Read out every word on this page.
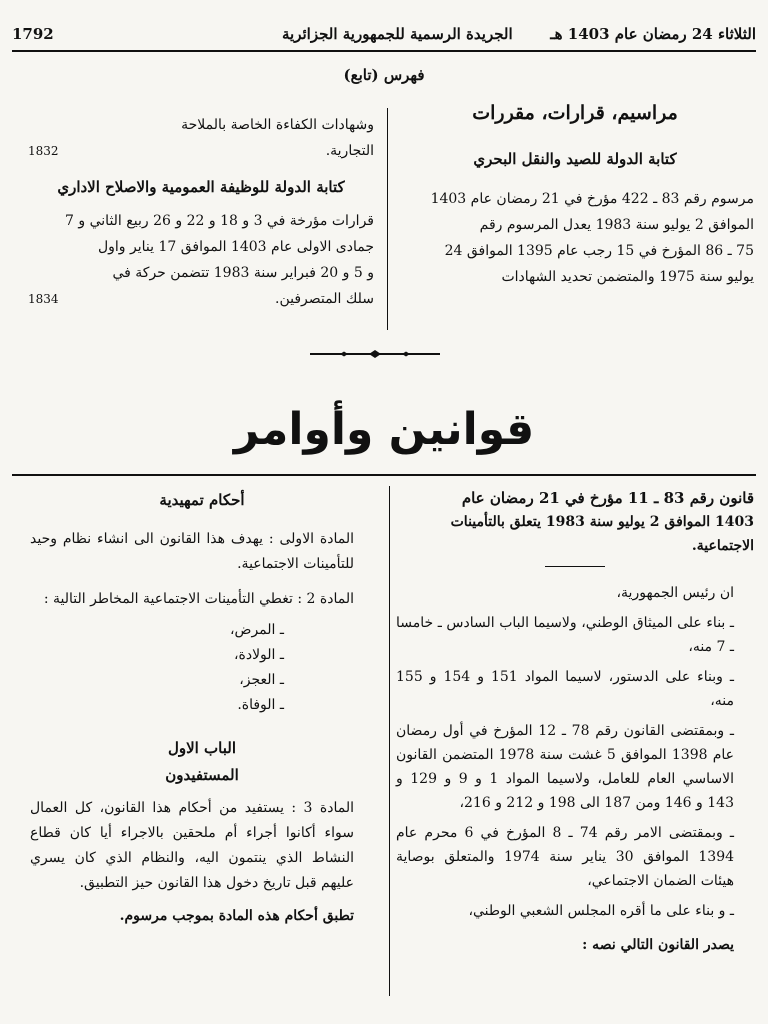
1792	الجريدة الرسمية للجمهورية الجزائرية	الثلاثاء 24 رمضان عام 1403 هـ
فهرس (تابع)
مراسيم، قرارات، مقررات
كتابة الدولة للصيد والنقل البحري

مرسوم رقم 83 ـ 422 مؤرخ في 21 رمضان عام 1403

الموافق 2 يوليو سنة 1983 يعدل المرسوم رقم

75 ـ 86 المؤرخ في 15 رجب عام 1395 الموافق 24

يوليو سنة 1975 والمتضمن تحديد الشهادات

وشهادات الكفاءة الخاصة بالملاحة

التجارية.

1832
كتابة الدولة للوظيفة العمومية والاصلاح الاداري

قرارات مؤرخة في 3 و 18 و 22 و 26 ربيع الثاني و 7

جمادى الاولى عام 1403 الموافق 17 يناير واول

و 5 و 20 فبراير سنة 1983 تتضمن حركة في

سلك المتصرفين.

1834
قوانين وأوامر

قانون رقم 83 ـ 11 مؤرخ في 21 رمضان عام

1403 الموافق 2 يوليو سنة 1983 يتعلق بالتأمينات

الاجتماعية.

ان رئيس الجمهورية،

ـ بناء على الميثاق الوطني، ولاسيما الباب السادس ـ خامسا ـ 7 منه،

ـ وبناء على الدستور، لاسيما المواد 151 و 154 و 155 منه،

ـ وبمقتضى القانون رقم 78 ـ 12 المؤرخ في أول رمضان عام 1398 الموافق 5 غشت سنة 1978 المتضمن القانون الاساسي العام للعامل، ولاسيما المواد 1 و 9 و 129 و 143 و 146 ومن 187 الى 198 و 212 و 216،

ـ وبمقتضى الامر رقم 74 ـ 8 المؤرخ في 6 محرم عام 1394 الموافق 30 يناير سنة 1974 والمتعلق بوصاية هيئات الضمان الاجتماعي،

ـ و بناء على ما أقره المجلس الشعبي الوطني،

يصدر القانون التالي نصه :

أحكام تمهيدية

المادة الاولى : يهدف هذا القانون الى انشاء نظام وحيد للتأمينات الاجتماعية.

المادة 2 : تغطي التأمينات الاجتماعية المخاطر التالية :

ـ المرض،

ـ الولادة،

ـ العجز،

ـ الوفاة.

الباب الاول
المستفيدون

المادة 3 : يستفيد من أحكام هذا القانون، كل العمال سواء أكانوا أجراء أم ملحقين بالاجراء أيا كان قطاع النشاط الذي ينتمون اليه، والنظام الذي كان يسري عليهم قبل تاريخ دخول هذا القانون حيز التطبيق.

تطبق أحكام هذه المادة بموجب مرسوم.
